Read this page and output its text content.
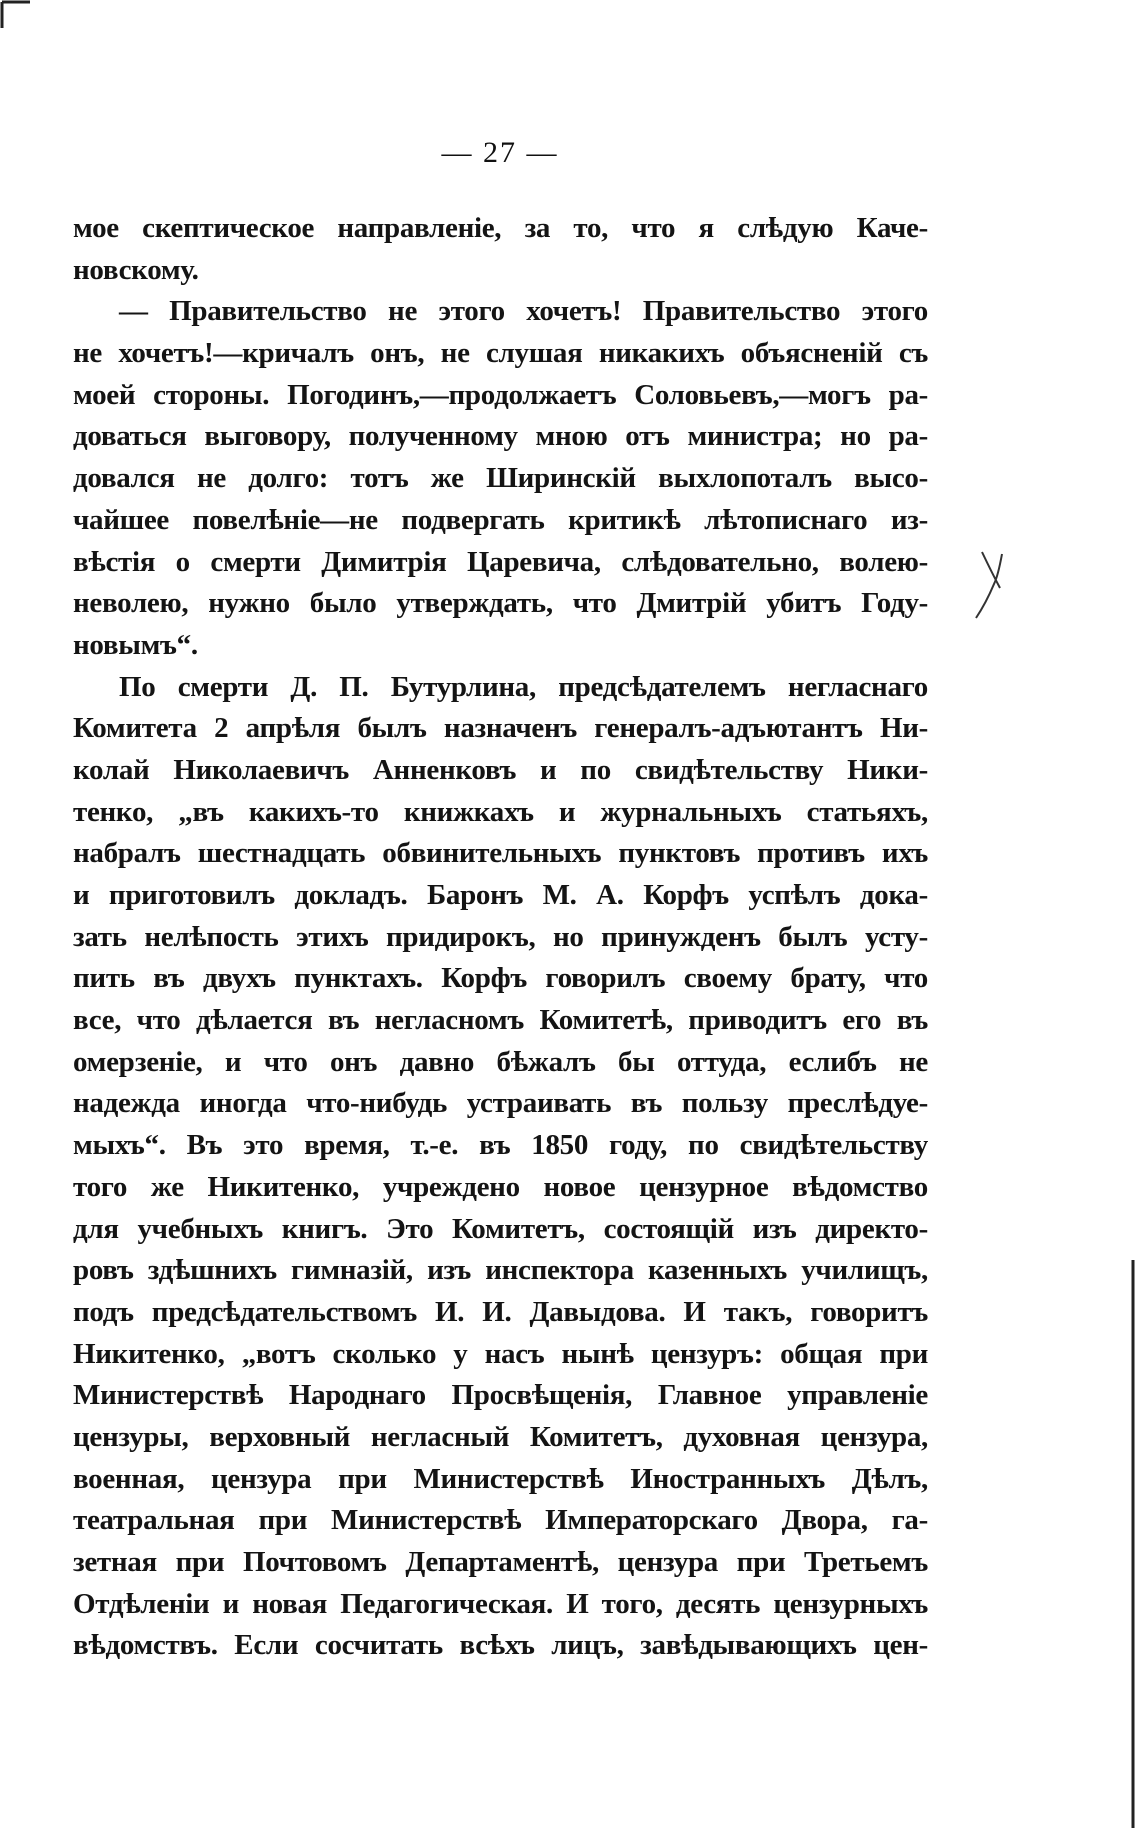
— 27 —
мое скептическое направленіе, за то, что я слѣдую Каче-
новскому.
— Правительство не этого хочетъ! Правительство этого
не хочетъ!—кричалъ онъ, не слушая никакихъ объясненій съ
моей стороны. Погодинъ,—продолжаетъ Соловьевъ,—могъ ра-
доваться выговору, полученному мною отъ министра; но ра-
довался не долго: тотъ же Ширинскій выхлопоталъ высо-
чайшее повелѣніе—не подвергать критикѣ лѣтописнаго из-
вѣстія о смерти Димитрія Царевича, слѣдовательно, волею-
неволею, нужно было утверждать, что Дмитрій убитъ Году-
новымъ“.
По смерти Д. П. Бутурлина, предсѣдателемъ негласнаго
Комитета 2 апрѣля былъ назначенъ генералъ-адъютантъ Ни-
колай Николаевичъ Анненковъ и по свидѣтельству Ники-
тенко, „въ какихъ-то книжкахъ и журнальныхъ статьяхъ,
набралъ шестнадцать обвинительныхъ пунктовъ противъ ихъ
и приготовилъ докладъ. Баронъ М. А. Корфъ успѣлъ дока-
зать нелѣпость этихъ придирокъ, но принужденъ былъ усту-
пить въ двухъ пунктахъ. Корфъ говорилъ своему брату, что
все, что дѣлается въ негласномъ Комитетѣ, приводитъ его въ
омерзеніе, и что онъ давно бѣжалъ бы оттуда, еслибъ не
надежда иногда что-нибудь устраивать въ пользу преслѣдуе-
мыхъ“. Въ это время, т.-е. въ 1850 году, по свидѣтельству
того же Никитенко, учреждено новое цензурное вѣдомство
для учебныхъ книгъ. Это Комитетъ, состоящій изъ директо-
ровъ здѣшнихъ гимназій, изъ инспектора казенныхъ училищъ,
подъ предсѣдательствомъ И. И. Давыдова. И такъ, говоритъ
Никитенко, „вотъ сколько у насъ нынѣ цензуръ: общая при
Министерствѣ Народнаго Просвѣщенія, Главное управленіе
цензуры, верховный негласный Комитетъ, духовная цензура,
военная, цензура при Министерствѣ Иностранныхъ Дѣлъ,
театральная при Министерствѣ Императорскаго Двора, га-
зетная при Почтовомъ Департаментѣ, цензура при Третьемъ
Отдѣленіи и новая Педагогическая. И того, десять цензурныхъ
вѣдомствъ. Если сосчитать всѣхъ лицъ, завѣдывающихъ цен-
